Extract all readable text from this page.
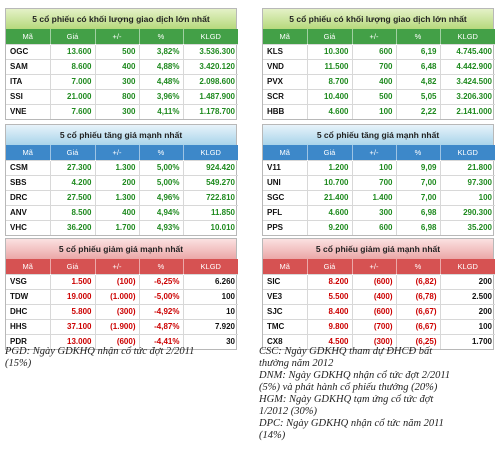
5 cổ phiếu có khối lượng giao dịch lớn nhất
Mã	Giá	+/-	%	KLGD
OGC	13.600	500	3,82%	3.536.300
SAM	8.600	400	4,88%	3.420.120
ITA	7.000	300	4,48%	2.098.600
SSI	21.000	800	3,96%	1.487.900
VNE	7.600	300	4,11%	1.178.700
5 cổ phiếu có khối lượng giao dịch lớn nhất
Mã	Giá	+/-	%	KLGD
KLS	10.300	600	6,19	4.745.400
VND	11.500	700	6,48	4.442.900
PVX	8.700	400	4,82	3.424.500
SCR	10.400	500	5,05	3.206.300
HBB	4.600	100	2,22	2.141.000
5 cổ phiếu tăng giá mạnh nhất
Mã	Giá	+/-	%	KLGD
CSM	27.300	1.300	5,00%	924.420
SBS	4.200	200	5,00%	549.270
DRC	27.500	1.300	4,96%	722.810
ANV	8.500	400	4,94%	11.850
VHC	36.200	1.700	4,93%	10.010
5 cổ phiếu tăng giá mạnh nhất
Mã	Giá	+/-	%	KLGD
V11	1.200	100	9,09	21.800
UNI	10.700	700	7,00	97.300
SGC	21.400	1.400	7,00	100
PFL	4.600	300	6,98	290.300
PPS	9.200	600	6,98	35.200
5 cổ phiếu giảm giá mạnh nhất
Mã	Giá	+/-	%	KLGD
VSG	1.500	(100)	-6,25%	6.260
TDW	19.000	(1.000)	-5,00%	100
DHC	5.800	(300)	-4,92%	10
HHS	37.100	(1.900)	-4,87%	7.920
PDR	13.000	(600)	-4,41%	30
5 cổ phiếu giảm giá mạnh nhất
Mã	Giá	+/-	%	KLGD
SIC	8.200	(600)	(6,82)	200
VE3	5.500	(400)	(6,78)	2.500
SJC	8.400	(600)	(6,67)	200
TMC	9.800	(700)	(6,67)	100
CX8	4.500	(300)	(6,25)	1.700
PGD: Ngày GDKHQ nhận cổ tức đợt 2/2011
(15%)
CSC: Ngày GDKHQ tham dự ĐHCĐ bất
thường năm 2012
DNM: Ngày GDKHQ nhận cổ tức đợt 2/2011
(5%) và phát hành cổ phiếu thưởng (20%)
HGM: Ngày GDKHQ tạm ứng cổ tức đợt
1/2012 (30%)
DPC: Ngày GDKHQ nhận cổ tức năm 2011
(14%)
